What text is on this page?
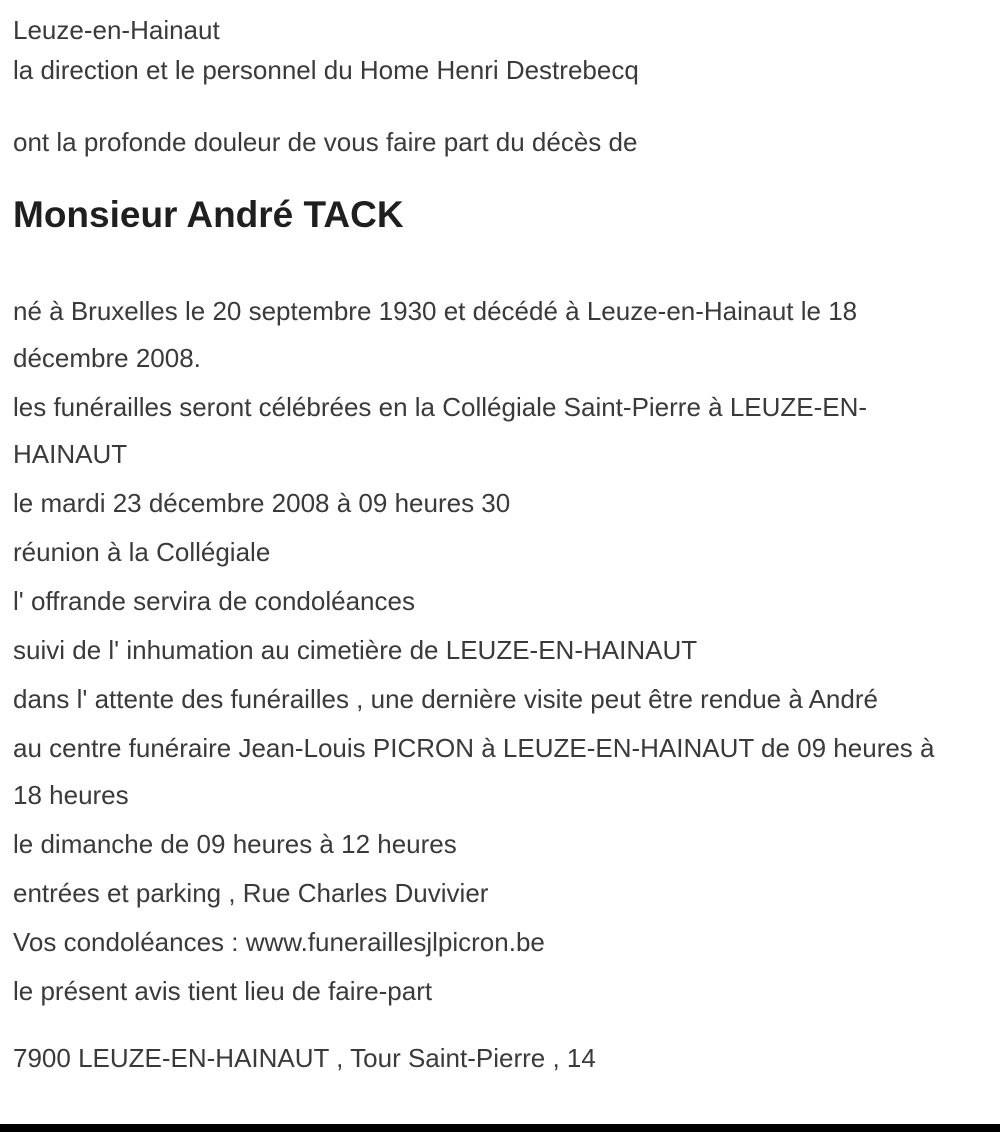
Leuze-en-Hainaut

la direction et le personnel du Home Henri Destrebecq

ont la profonde douleur de vous faire part du décès de

Monsieur André TACK

né à Bruxelles le 20 septembre 1930 et décédé à Leuze-en-Hainaut le 18 décembre 2008.

les funérailles seront célébrées en la Collégiale Saint-Pierre à LEUZE-EN-HAINAUT

le mardi 23 décembre 2008 à 09 heures 30

réunion à la Collégiale

l' offrande servira de condoléances

suivi de l' inhumation au cimetière de LEUZE-EN-HAINAUT

dans l' attente des funérailles , une dernière visite peut être rendue à André

au centre funéraire Jean-Louis PICRON à LEUZE-EN-HAINAUT de 09 heures à 18 heures

le dimanche de 09 heures à 12 heures

entrées et parking , Rue Charles Duvivier

Vos condoléances : www.funeraillesjlpicron.be

le présent avis tient lieu de faire-part

7900 LEUZE-EN-HAINAUT , Tour Saint-Pierre , 14
